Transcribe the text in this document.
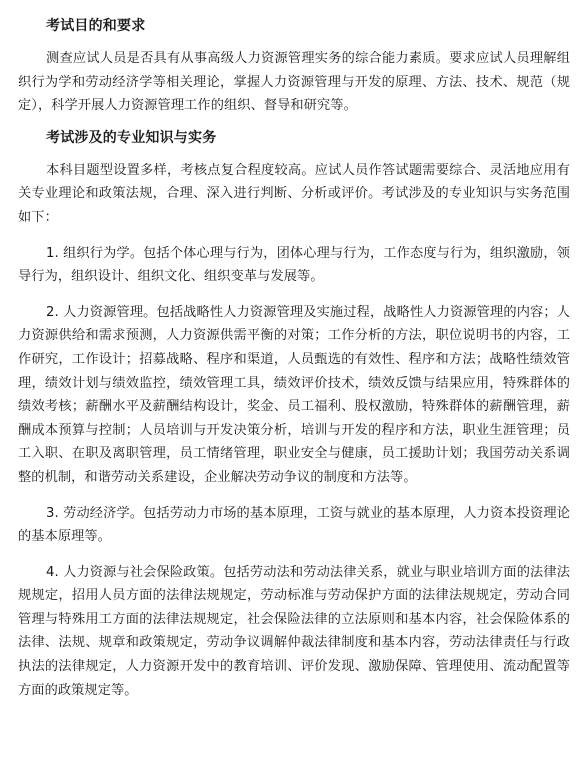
考试目的和要求

测查应试人员是否具有从事高级人力资源管理实务的综合能力素质。要求应试人员理解组织行为学和劳动经济学等相关理论，掌握人力资源管理与开发的原理、方法、技术、规范（规定），科学开展人力资源管理工作的组织、督导和研究等。

考试涉及的专业知识与实务

本科目题型设置多样，考核点复合程度较高。应试人员作答试题需要综合、灵活地应用有关专业理论和政策法规，合理、深入进行判断、分析或评价。考试涉及的专业知识与实务范围如下：

1. 组织行为学。包括个体心理与行为，团体心理与行为，工作态度与行为，组织激励，领导行为，组织设计、组织文化、组织变革与发展等。

2. 人力资源管理。包括战略性人力资源管理及实施过程，战略性人力资源管理的内容；人力资源供给和需求预测，人力资源供需平衡的对策；工作分析的方法，职位说明书的内容，工作研究，工作设计；招募战略、程序和渠道，人员甄选的有效性、程序和方法；战略性绩效管理，绩效计划与绩效监控，绩效管理工具，绩效评价技术，绩效反馈与结果应用，特殊群体的绩效考核；薪酬水平及薪酬结构设计，奖金、员工福利、股权激励，特殊群体的薪酬管理，薪酬成本预算与控制；人员培训与开发决策分析，培训与开发的程序和方法，职业生涯管理；员工入职、在职及离职管理，员工情绪管理，职业安全与健康，员工援助计划；我国劳动关系调整的机制，和谐劳动关系建设，企业解决劳动争议的制度和方法等。

3. 劳动经济学。包括劳动力市场的基本原理，工资与就业的基本原理，人力资本投资理论的基本原理等。

4. 人力资源与社会保险政策。包括劳动法和劳动法律关系，就业与职业培训方面的法律法规规定，招用人员方面的法律法规规定，劳动标准与劳动保护方面的法律法规规定，劳动合同管理与特殊用工方面的法律法规规定，社会保险法律的立法原则和基本内容，社会保险体系的法律、法规、规章和政策规定，劳动争议调解仲裁法律制度和基本内容，劳动法律责任与行政执法的法律规定，人力资源开发中的教育培训、评价发现、激励保障、管理使用、流动配置等方面的政策规定等。
